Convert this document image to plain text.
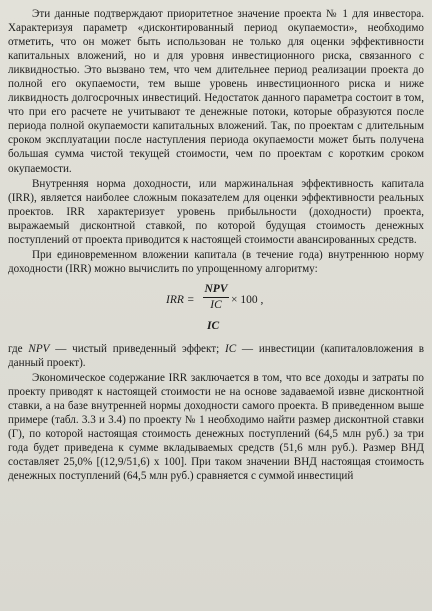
Эти данные подтверждают приоритетное значение проекта № 1 для инвестора. Характеризуя параметр «дисконтированный период окупаемости», необходимо отметить, что он может быть использован не только для оценки эффективности капитальных вложений, но и для уровня инвестиционного риска, связанного с ликвидностью. Это вызвано тем, что чем длительнее период реализации проекта до полной его окупаемости, тем выше уровень инвестиционного риска и ниже ликвидность долгосрочных инвестиций. Недостаток данного параметра состоит в том, что при его расчете не учитывают те денежные потоки, которые образуются после периода полной окупаемости капитальных вложений. Так, по проектам с длительным сроком эксплуатации после наступления периода окупаемости может быть получена большая сумма чистой текущей стоимости, чем по проектам с коротким сроком окупаемости.

Внутренняя норма доходности, или маржинальная эффективность капитала (IRR), является наиболее сложным показателем для оценки эффективности реальных проектов. IRR характеризует уровень прибыльности (доходности) проекта, выражаемый дисконтной ставкой, по которой будущая стоимость денежных поступлений от проекта приводится к настоящей стоимости авансированных средств.

При единовременном вложении капитала (в течение года) внутреннюю норму доходности (IRR) можно вычислить по упрощенному алгоритму:

IRR =
NPV
IC × 100 ,
IC

где NPV — чистый приведенный эффект; IC — инвестиции (капиталовложения в данный проект).

Экономическое содержание IRR заключается в том, что все доходы и затраты по проекту приводят к настоящей стоимости не на основе задаваемой извне дисконтной ставки, а на базе внутренней нормы доходности самого проекта. В приведенном выше примере (табл. 3.3 и 3.4) по проекту № 1 необходимо найти размер дисконтной ставки (Г), по которой настоящая стоимость денежных поступлений (64,5 млн руб.) за три года будет приведена к сумме вкладываемых средств (51,6 млн руб.). Размер ВНД составляет 25,0% [(12,9/51,6) x 100]. При таком значении ВНД настоящая стоимость денежных поступлений (64,5 млн руб.) сравняется с суммой инвестиций
